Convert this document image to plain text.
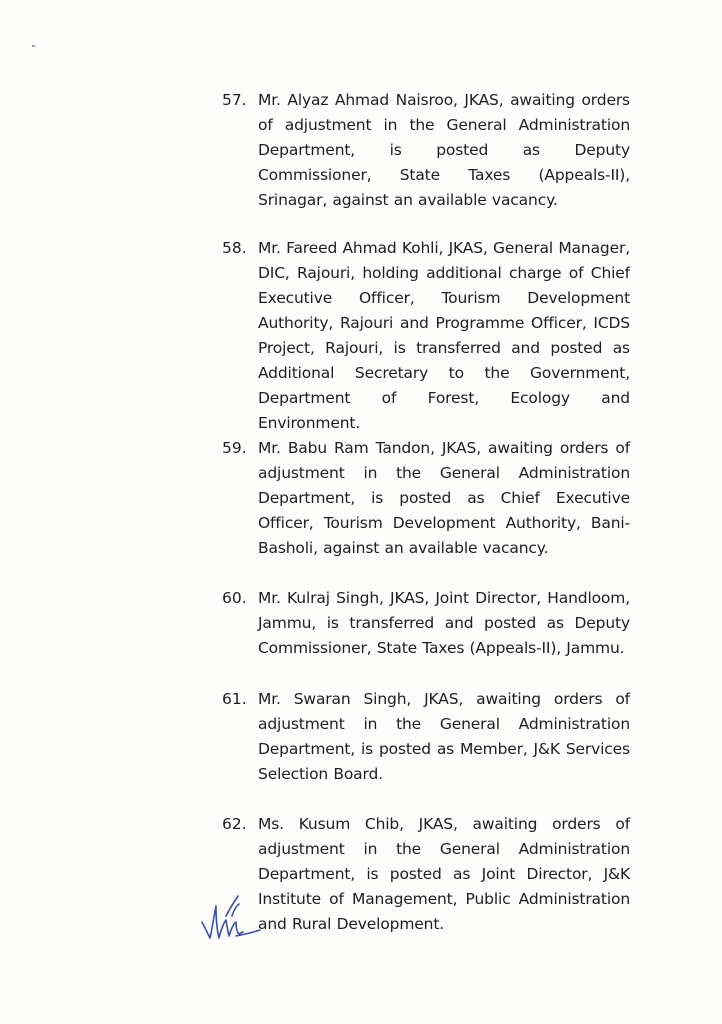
57. Mr. Alyaz Ahmad Naisroo, JKAS, awaiting orders of adjustment in the General Administration Department, is posted as Deputy Commissioner, State Taxes (Appeals-II), Srinagar, against an available vacancy.
58. Mr. Fareed Ahmad Kohli, JKAS, General Manager, DIC, Rajouri, holding additional charge of Chief Executive Officer, Tourism Development Authority, Rajouri and Programme Officer, ICDS Project, Rajouri, is transferred and posted as Additional Secretary to the Government, Department of Forest, Ecology and Environment.
59. Mr. Babu Ram Tandon, JKAS, awaiting orders of adjustment in the General Administration Department, is posted as Chief Executive Officer, Tourism Development Authority, Bani-Basholi, against an available vacancy.
60. Mr. Kulraj Singh, JKAS, Joint Director, Handloom, Jammu, is transferred and posted as Deputy Commissioner, State Taxes (Appeals-II), Jammu.
61. Mr. Swaran Singh, JKAS, awaiting orders of adjustment in the General Administration Department, is posted as Member, J&K Services Selection Board.
62. Ms. Kusum Chib, JKAS, awaiting orders of adjustment in the General Administration Department, is posted as Joint Director, J&K Institute of Management, Public Administration and Rural Development.
